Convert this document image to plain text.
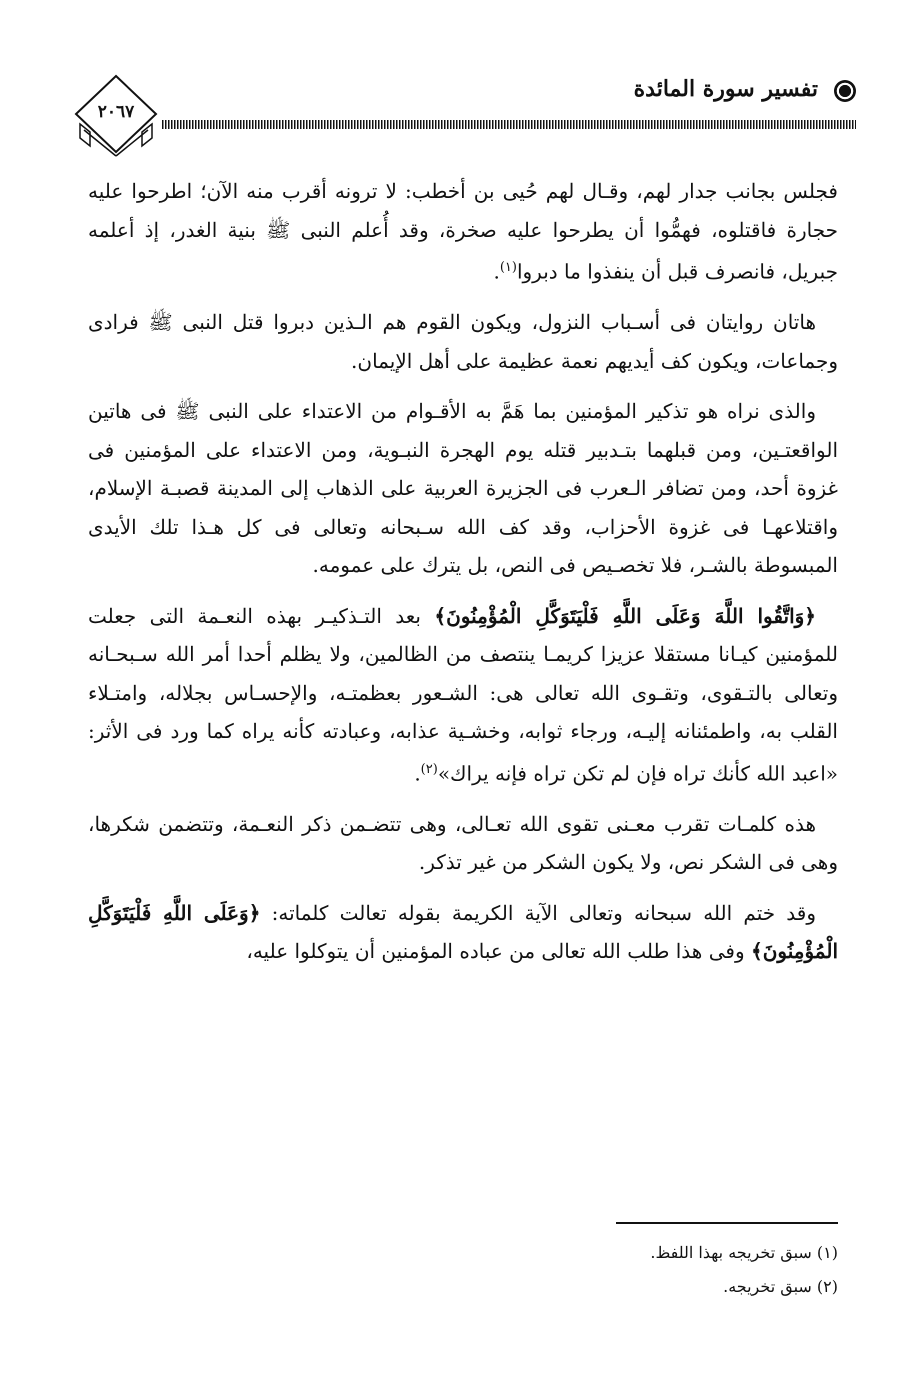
تفسير سورة المائدة
٢٠٦٧

فجلس بجانب جدار لهم، وقـال لهم حُيى بن أخطب: لا ترونه أقرب منه الآن؛ اطرحوا عليه حجارة فاقتلوه، فهمُّوا أن يطرحوا عليه صخرة، وقد أُعلم النبى ﷺ بنية الغدر، إذ أعلمه جبريل، فانصرف قبل أن ينفذوا ما دبروا$^{(١)}$.

هاتان روايتان فى أسـباب النزول، ويكون القوم هم الـذين دبروا قتل النبى ﷺ فرادى وجماعات، ويكون كف أيديهم نعمة عظيمة على أهل الإيمان.

والذى نراه هو تذكير المؤمنين بما هَمَّ به الأقـوام من الاعتداء على النبى ﷺ فى هاتين الواقعتـين، ومن قبلهما بتـدبير قتله يوم الهجرة النبـوية، ومن الاعتداء على المؤمنين فى غزوة أحد، ومن تضافر الـعرب فى الجزيرة العربية على الذهاب إلى المدينة قصبـة الإسلام، واقتلاعهـا فى غزوة الأحزاب، وقد كف الله سـبحانه وتعالى فى كل هـذا تلك الأيدى المبسوطة بالشـر، فلا تخصـيص فى النص، بل يترك على عمومه.

﴿وَاتَّقُوا اللَّهَ وَعَلَى اللَّهِ فَلْيَتَوَكَّلِ الْمُؤْمِنُونَ﴾ بعد التـذكيـر بهذه النعـمة التى جعلت للمؤمنين كيـانا مستقلا عزيزا كريمـا ينتصف من الظالمين، ولا يظلم أحدا أمر الله سـبحـانه وتعالى بالتـقوى، وتقـوى الله تعالى هى: الشـعور بعظمتـه، والإحسـاس بجلاله، وامتـلاء القلب به، واطمئنانه إليـه، ورجاء ثوابه، وخشـية عذابه، وعبادته كأنه يراه كما ورد فى الأثر: «اعبد الله كأنك تراه فإن لم تكن تراه فإنه يراك»$^{(٢)}$.

هذه كلمـات تقرب معـنى تقوى الله تعـالى، وهى تتضـمن ذكر النعـمة، وتتضمن شكرها، وهى فى الشكر نص، ولا يكون الشكر من غير تذكر.

وقد ختم الله سبحانه وتعالى الآية الكريمة بقوله تعالت كلماته: ﴿وَعَلَى اللَّهِ فَلْيَتَوَكَّلِ الْمُؤْمِنُونَ﴾ وفى هذا طلب الله تعالى من عباده المؤمنين أن يتوكلوا عليه،

(١) سبق تخريجه بهذا اللفظ.
(٢) سبق تخريجه.
